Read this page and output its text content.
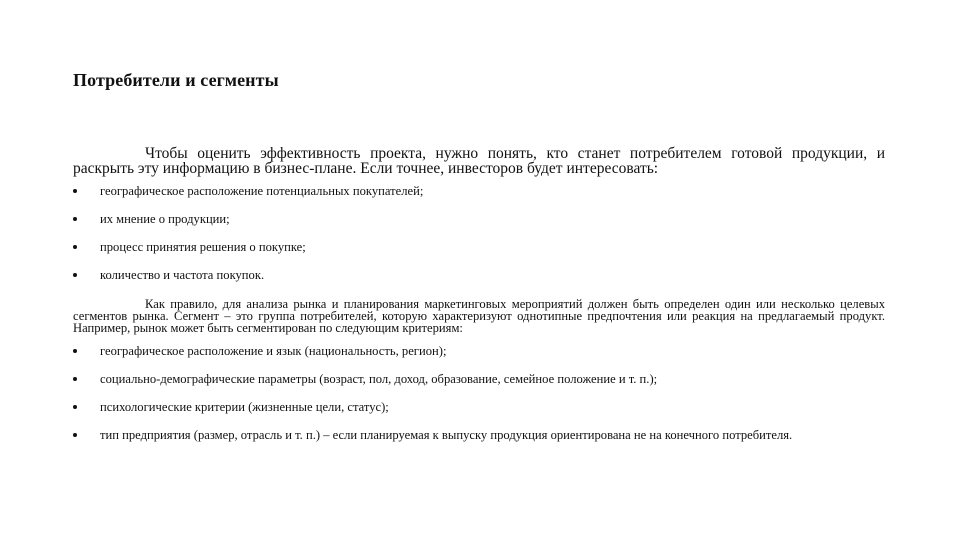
Потребители и сегменты

Чтобы оценить эффективность проекта, нужно понять, кто станет потребителем готовой продукции, и раскрыть эту информацию в бизнес-плане. Если точнее, инвесторов будет интересовать:

географическое расположение потенциальных покупателей;
их мнение о продукции;
процесс принятия решения о покупке;
количество и частота покупок.

Как правило, для анализа рынка и планирования маркетинговых мероприятий должен быть определен один или несколько целевых сегментов рынка. Сегмент – это группа потребителей, которую характеризуют однотипные предпочтения или реакция на предлагаемый продукт. Например, рынок может быть сегментирован по следующим критериям:

географическое расположение и язык (национальность, регион);
социально-демографические параметры (возраст, пол, доход, образование, семейное положение и т. п.);
психологические критерии (жизненные цели, статус);
тип предприятия (размер, отрасль и т. п.) – если планируемая к выпуску продукция ориентирована не на конечного потребителя.
